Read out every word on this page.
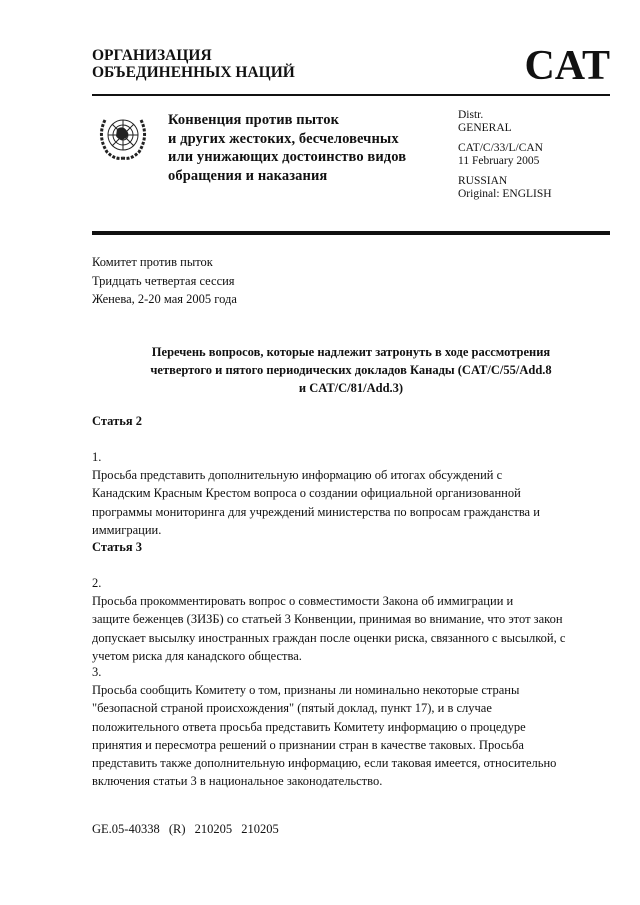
ОРГАНИЗАЦИЯ
ОБЪЕДИНЕННЫХ НАЦИЙ	CAT
Конвенция против пыток
и других жестоких, бесчеловечных
или унижающих достоинство видов
обращения и наказания
Distr.
GENERAL
CAT/C/33/L/CAN
11 February 2005
RUSSIAN
Original: ENGLISH
Комитет против пыток
Тридцать четвертая сессия
Женева, 2-20 мая 2005 года
Перечень вопросов, которые надлежит затронуть в ходе рассмотрения
четвертого и пятого периодических докладов Канады (CAT/C/55/Add.8
и CAT/C/81/Add.3)
Статья 2
1.
Просьба представить дополнительную информацию об итогах обсуждений с
Канадским Красным Крестом вопроса о создании официальной организованной
программы мониторинга для учреждений министерства по вопросам гражданства и
иммиграции.
Статья 3
2.
Просьба прокомментировать вопрос о совместимости Закона об иммиграции и
защите беженцев (ЗИЗБ) со статьей 3 Конвенции, принимая во внимание, что этот закон
допускает высылку иностранных граждан после оценки риска, связанного с высылкой, с
учетом риска для канадского общества.
3.
Просьба сообщить Комитету о том, признаны ли номинально некоторые страны
"безопасной страной происхождения" (пятый доклад, пункт 17), и в случае
положительного ответа просьба представить Комитету информацию о процедуре
принятия и пересмотра решений о признании стран в качестве таковых. Просьба
представить также дополнительную информацию, если таковая имеется, относительно
включения статьи 3 в национальное законодательство.
GE.05-40338 (R) 210205 210205
